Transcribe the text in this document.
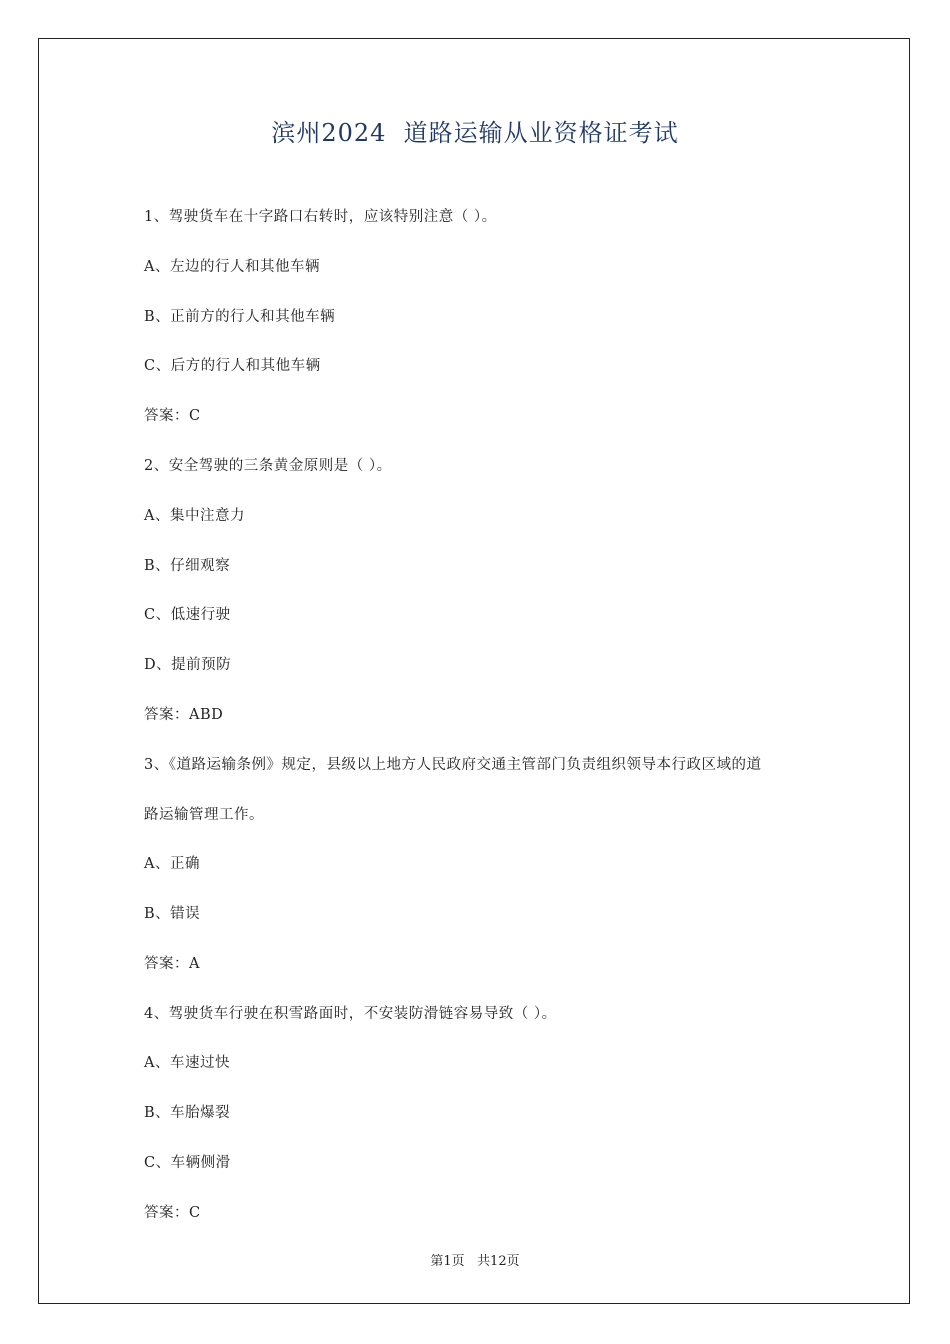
滨州2024  道路运输从业资格证考试
1、驾驶货车在十字路口右转时，应该特别注意（ ）。
A、左边的行人和其他车辆
B、正前方的行人和其他车辆
C、后方的行人和其他车辆
答案：C
2、安全驾驶的三条黄金原则是（ ）。
A、集中注意力
B、仔细观察
C、低速行驶
D、提前预防
答案：ABD
3、《道路运输条例》规定，县级以上地方人民政府交通主管部门负责组织领导本行政区域的道
路运输管理工作。
A、正确
B、错误
答案：A
4、驾驶货车行驶在积雪路面时，不安装防滑链容易导致（ ）。
A、车速过快
B、车胎爆裂
C、车辆侧滑
答案：C
第1页   共12页
